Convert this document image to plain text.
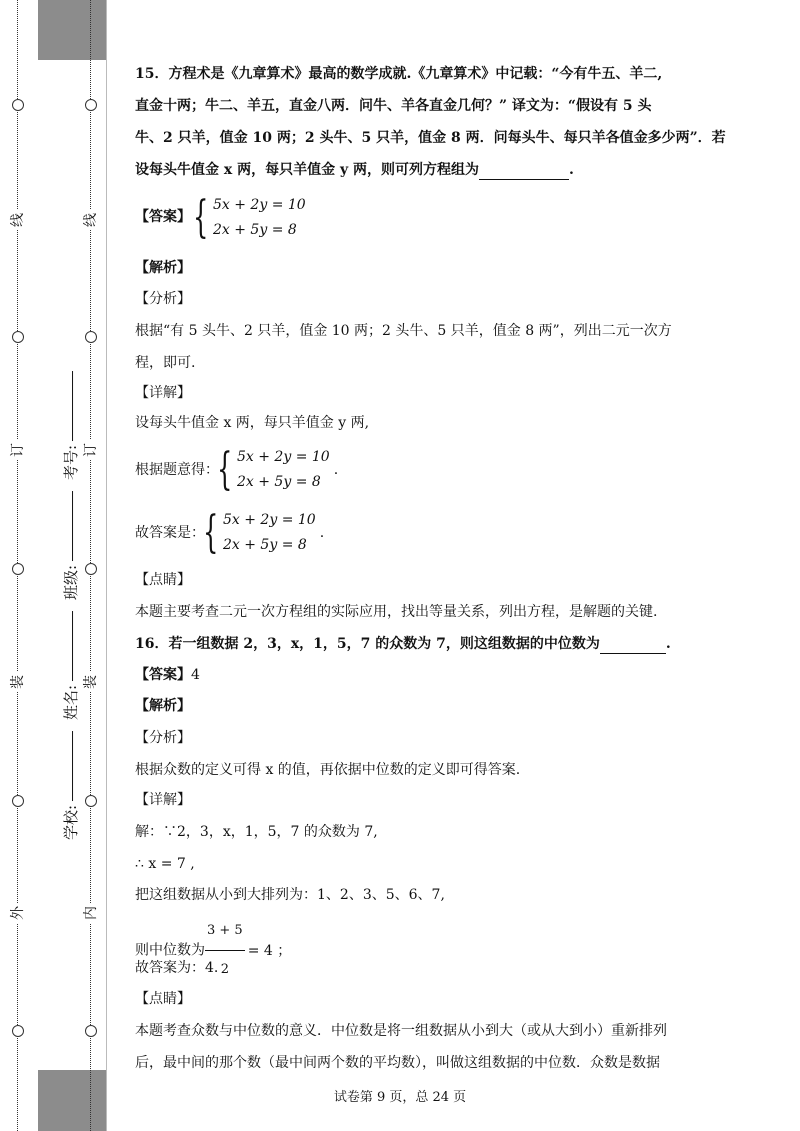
线
订
装
外
线
订
装
内
学校:
姓名:
班级:
考号:
15．方程术是《九章算术》最高的数学成就.《九章算术》中记载：“今有牛五、羊二,
直金十两；牛二、羊五，直金八两．问牛、羊各直金几何？” 译文为：“假设有 5 头
牛、2 只羊，值金 10 两；2 头牛、5 只羊，值金 8 两．问每头牛、每只羊各值金多少两”．若
设每头牛值金 x 两，每只羊值金 y 两，则可列方程组为	.
【答案】 { 5x + 2y = 10
2x + 5y = 8
【解析】
【分析】
根据“有 5 头牛、2 只羊，值金 10 两；2 头牛、5 只羊，值金 8 两”，列出二元一次方
程，即可.
【详解】
设每头牛值金 x 两，每只羊值金 y 两,
根据题意得：
{ 5x + 2y = 10
2x + 5y = 8
.
故答案是：
{ 5x + 2y = 10
2x + 5y = 8
.
【点睛】
本题主要考查二元一次方程组的实际应用，找出等量关系，列出方程，是解题的关键.
16．若一组数据 2，3，x，1，5，7 的众数为 7，则这组数据的中位数为	.
【答案】4
【解析】
【分析】
根据众数的定义可得 x 的值，再依据中位数的定义即可得答案.
【详解】
解：∵2，3，x，1，5，7 的众数为 7,
∴ x = 7 ,
把这组数据从小到大排列为：1、2、3、5、6、7,
则中位数为 $\frac{3 + 5}{2} = 4$ ；
故答案为：4.
【点睛】
本题考查众数与中位数的意义．中位数是将一组数据从小到大（或从大到小）重新排列
后，最中间的那个数（最中间两个数的平均数），叫做这组数据的中位数．众数是数据
试卷第 9 页，总 24 页
